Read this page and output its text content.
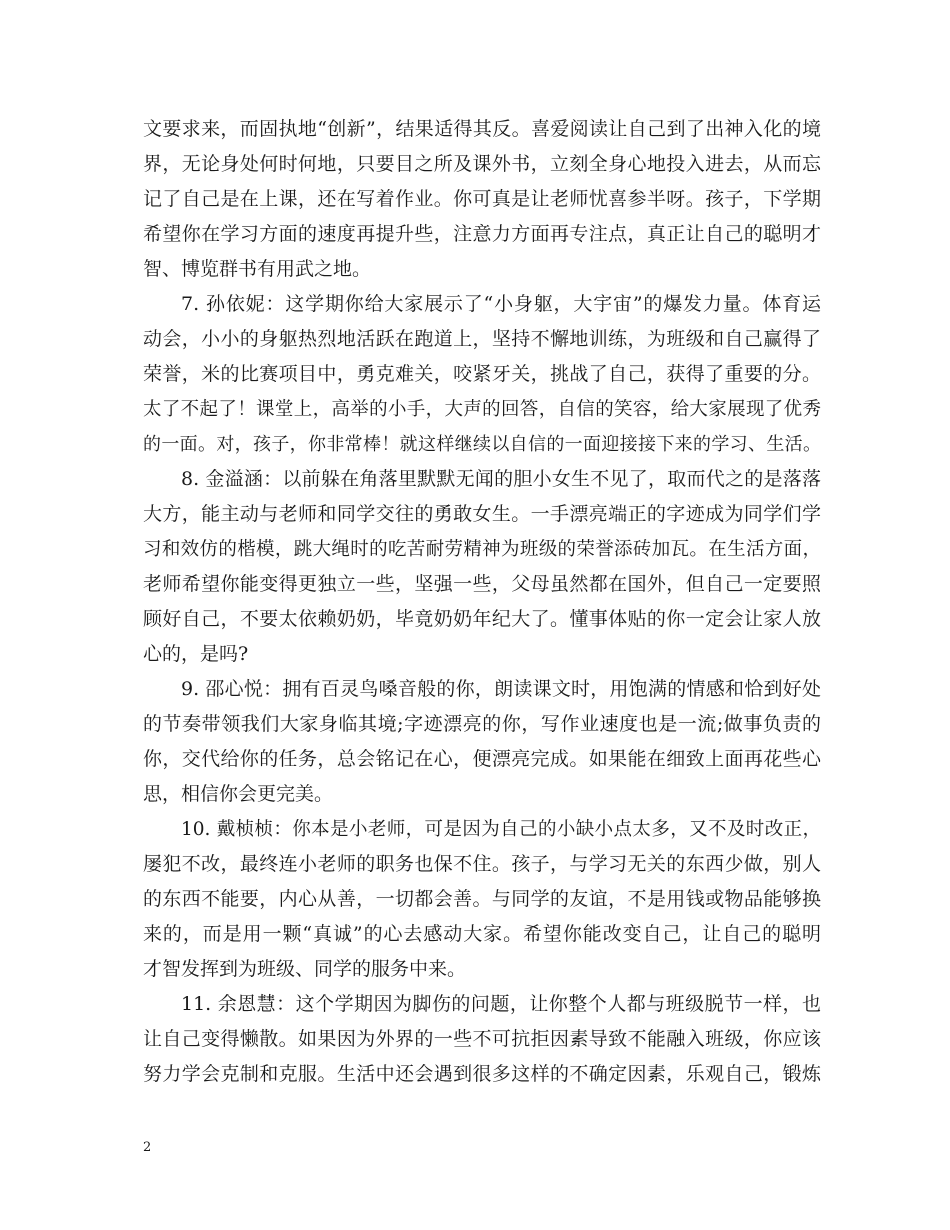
文要求来，而固执地“创新”，结果适得其反。喜爱阅读让自己到了出神入化的境
界，无论身处何时何地，只要目之所及课外书，立刻全身心地投入进去，从而忘
记了自己是在上课，还在写着作业。你可真是让老师忧喜参半呀。孩子，下学期
希望你在学习方面的速度再提升些，注意力方面再专注点，真正让自己的聪明才
智、博览群书有用武之地。
7. 孙依妮：这学期你给大家展示了“小身躯，大宇宙”的爆发力量。体育运
动会，小小的身躯热烈地活跃在跑道上，坚持不懈地训练，为班级和自己赢得了
荣誉，米的比赛项目中，勇克难关，咬紧牙关，挑战了自己，获得了重要的分。
太了不起了！课堂上，高举的小手，大声的回答，自信的笑容，给大家展现了优秀
的一面。对，孩子，你非常棒！就这样继续以自信的一面迎接接下来的学习、生活。
8. 金溢涵：以前躲在角落里默默无闻的胆小女生不见了，取而代之的是落落
大方，能主动与老师和同学交往的勇敢女生。一手漂亮端正的字迹成为同学们学
习和效仿的楷模，跳大绳时的吃苦耐劳精神为班级的荣誉添砖加瓦。在生活方面，
老师希望你能变得更独立一些，坚强一些，父母虽然都在国外，但自己一定要照
顾好自己，不要太依赖奶奶，毕竟奶奶年纪大了。懂事体贴的你一定会让家人放
心的，是吗?
9. 邵心悦：拥有百灵鸟嗓音般的你，朗读课文时，用饱满的情感和恰到好处
的节奏带领我们大家身临其境;字迹漂亮的你，写作业速度也是一流;做事负责的
你，交代给你的任务，总会铭记在心，便漂亮完成。如果能在细致上面再花些心
思，相信你会更完美。
10. 戴桢桢：你本是小老师，可是因为自己的小缺小点太多，又不及时改正，
屡犯不改，最终连小老师的职务也保不住。孩子，与学习无关的东西少做，别人
的东西不能要，内心从善，一切都会善。与同学的友谊，不是用钱或物品能够换
来的，而是用一颗“真诚”的心去感动大家。希望你能改变自己，让自己的聪明
才智发挥到为班级、同学的服务中来。
11. 余恩慧：这个学期因为脚伤的问题，让你整个人都与班级脱节一样，也
让自己变得懒散。如果因为外界的一些不可抗拒因素导致不能融入班级，你应该
努力学会克制和克服。生活中还会遇到很多这样的不确定因素，乐观自己，锻炼
2
